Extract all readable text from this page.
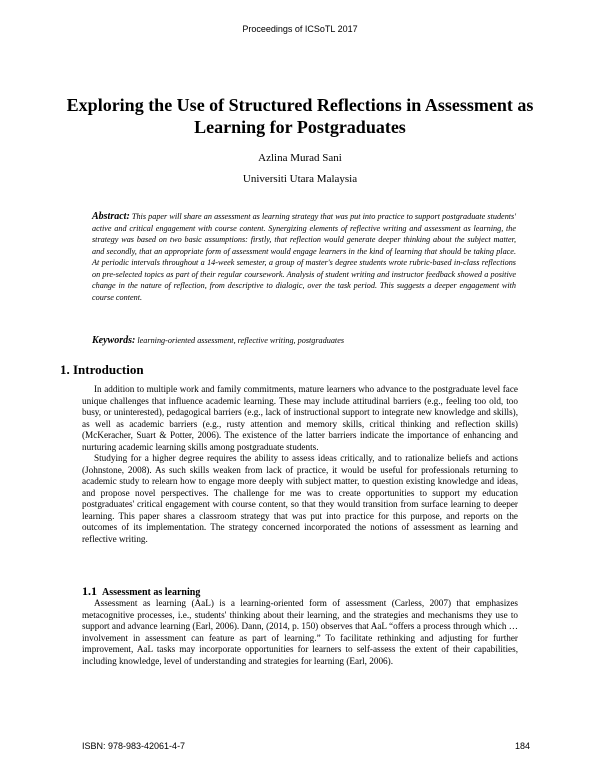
Proceedings of ICSoTL 2017
Exploring the Use of Structured Reflections in Assessment as Learning for Postgraduates
Azlina Murad Sani
Universiti Utara Malaysia

Abstract: This paper will share an assessment as learning strategy that was put into practice to support postgraduate students' active and critical engagement with course content. Synergizing elements of reflective writing and assessment as learning, the strategy was based on two basic assumptions: firstly, that reflection would generate deeper thinking about the subject matter, and secondly, that an appropriate form of assessment would engage learners in the kind of learning that should be taking place. At periodic intervals throughout a 14-week semester, a group of master's degree students wrote rubric-based in-class reflections on pre-selected topics as part of their regular coursework. Analysis of student writing and instructor feedback showed a positive change in the nature of reflection, from descriptive to dialogic, over the task period. This suggests a deeper engagement with course content.

Keywords: learning-oriented assessment, reflective writing, postgraduates

1. Introduction

In addition to multiple work and family commitments, mature learners who advance to the postgraduate level face unique challenges that influence academic learning. These may include attitudinal barriers (e.g., feeling too old, too busy, or uninterested), pedagogical barriers (e.g., lack of instructional support to integrate new knowledge and skills), as well as academic barriers (e.g., rusty attention and memory skills, critical thinking and reflection skills) (McKeracher, Suart & Potter, 2006). The existence of the latter barriers indicate the importance of enhancing and nurturing academic learning skills among postgraduate students.

Studying for a higher degree requires the ability to assess ideas critically, and to rationalize beliefs and actions (Johnstone, 2008). As such skills weaken from lack of practice, it would be useful for professionals returning to academic study to relearn how to engage more deeply with subject matter, to question existing knowledge and ideas, and propose novel perspectives. The challenge for me was to create opportunities to support my education postgraduates' critical engagement with course content, so that they would transition from surface learning to deeper learning. This paper shares a classroom strategy that was put into practice for this purpose, and reports on the outcomes of its implementation. The strategy concerned incorporated the notions of assessment as learning and reflective writing.

1.1 Assessment as learning

Assessment as learning (AaL) is a learning-oriented form of assessment (Carless, 2007) that emphasizes metacognitive processes, i.e., students' thinking about their learning, and the strategies and mechanisms they use to support and advance learning (Earl, 2006). Dann, (2014, p. 150) observes that AaL “offers a process through which …involvement in assessment can feature as part of learning.” To facilitate rethinking and adjusting for further improvement, AaL tasks may incorporate opportunities for learners to self-assess the extent of their capabilities, including knowledge, level of understanding and strategies for learning (Earl, 2006).

ISBN: 978-983-42061-4-7	184
